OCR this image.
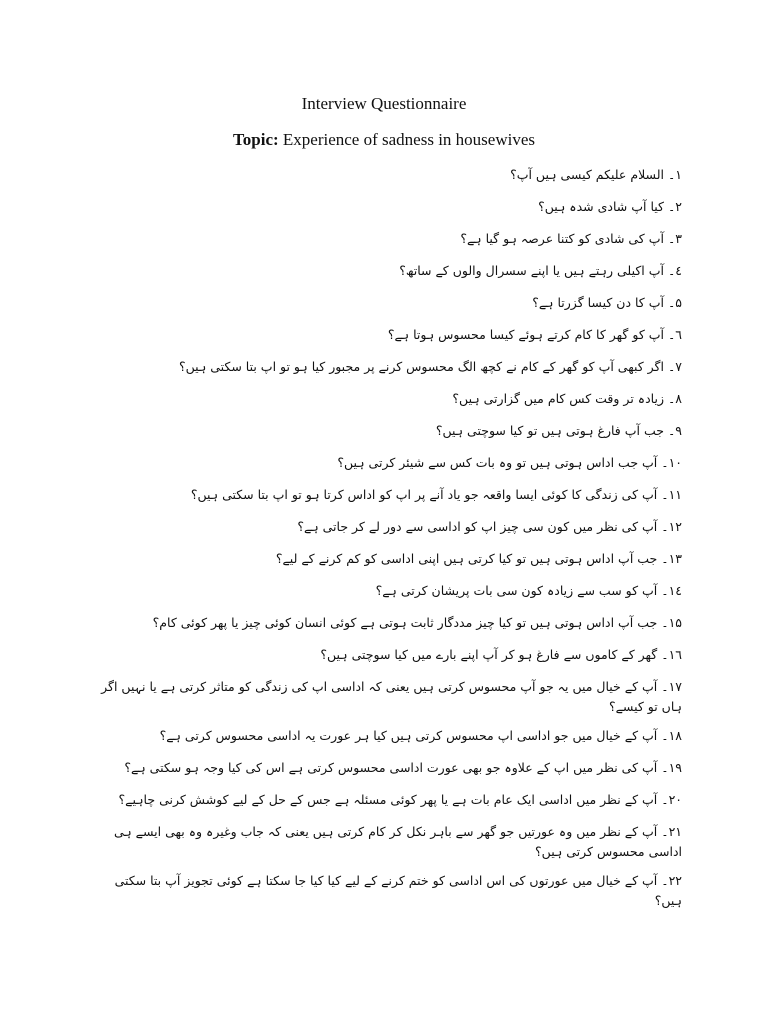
Interview Questionnaire
Topic: Experience of sadness in housewives
۱۔ السلام علیکم کیسی ہیں آپ؟
۲۔ کیا آپ شادی شدہ ہیں؟
۳۔ آپ کی شادی کو کتنا عرصہ ہو گیا ہے؟
٤۔ آپ اکیلی رہتے ہیں یا اپنے سسرال والوں کے ساتھ؟
۵۔ آپ کا دن کیسا گزرتا ہے؟
٦۔ آپ کو گھر کا کام کرتے ہوئے کیسا محسوس ہوتا ہے؟
۷۔ اگر کبھی آپ کو گھر کے کام نے کچھ الگ محسوس کرنے پر مجبور کیا ہو تو اپ بتا سکتی ہیں؟
۸۔ زیادہ تر وقت کس کام میں گزارتی ہیں؟
۹۔ جب آپ فارغ ہوتی ہیں تو کیا سوچتی ہیں؟
۱۰۔ آپ جب اداس ہوتی ہیں تو وہ بات کس سے شیئر کرتی ہیں؟
۱۱۔ آپ کی زندگی کا کوئی ایسا واقعہ جو یاد آنے پر اپ کو اداس کرتا ہو تو اپ بتا سکتی ہیں؟
۱۲۔ آپ کی نظر میں کون سی چیز اپ کو اداسی سے دور لے کر جاتی ہے؟
۱۳۔ جب آپ اداس ہوتی ہیں تو کیا کرتی ہیں اپنی اداسی کو کم کرنے کے لیے؟
۱٤۔ آپ کو سب سے زیادہ کون سی بات پریشان کرتی ہے؟
۱۵۔ جب آپ اداس ہوتی ہیں تو کیا چیز مددگار ثابت ہوتی ہے کوئی انسان کوئی چیز یا پھر کوئی کام؟
۱٦۔ گھر کے کاموں سے فارغ ہو کر آپ اپنے بارے میں کیا سوچتی ہیں؟
۱۷۔ آپ کے خیال میں یہ جو آپ محسوس کرتی ہیں یعنی کہ اداسی اپ کی زندگی کو متاثر کرتی ہے یا نہیں اگر ہاں تو کیسے؟
۱۸۔ آپ کے خیال میں جو اداسی اپ محسوس کرتی ہیں کیا ہر عورت یہ اداسی محسوس کرتی ہے؟
۱۹۔ آپ کی نظر میں اپ کے علاوہ جو بھی عورت اداسی محسوس کرتی ہے اس کی کیا وجہ ہو سکتی ہے؟
۲۰۔ آپ کے نظر میں اداسی ایک عام بات ہے یا پھر کوئی مسئلہ ہے جس کے حل کے لیے کوشش کرنی چاہیے؟
۲۱۔ آپ کے نظر میں وہ عورتیں جو گھر سے باہر نکل کر کام کرتی ہیں یعنی کہ جاب وغیرہ وہ بھی ایسے ہی اداسی محسوس کرتی ہیں؟
۲۲۔ آپ کے خیال میں عورتوں کی اس اداسی کو ختم کرنے کے لیے کیا کیا جا سکتا ہے کوئی تجویز آپ بتا سکتی ہیں؟
